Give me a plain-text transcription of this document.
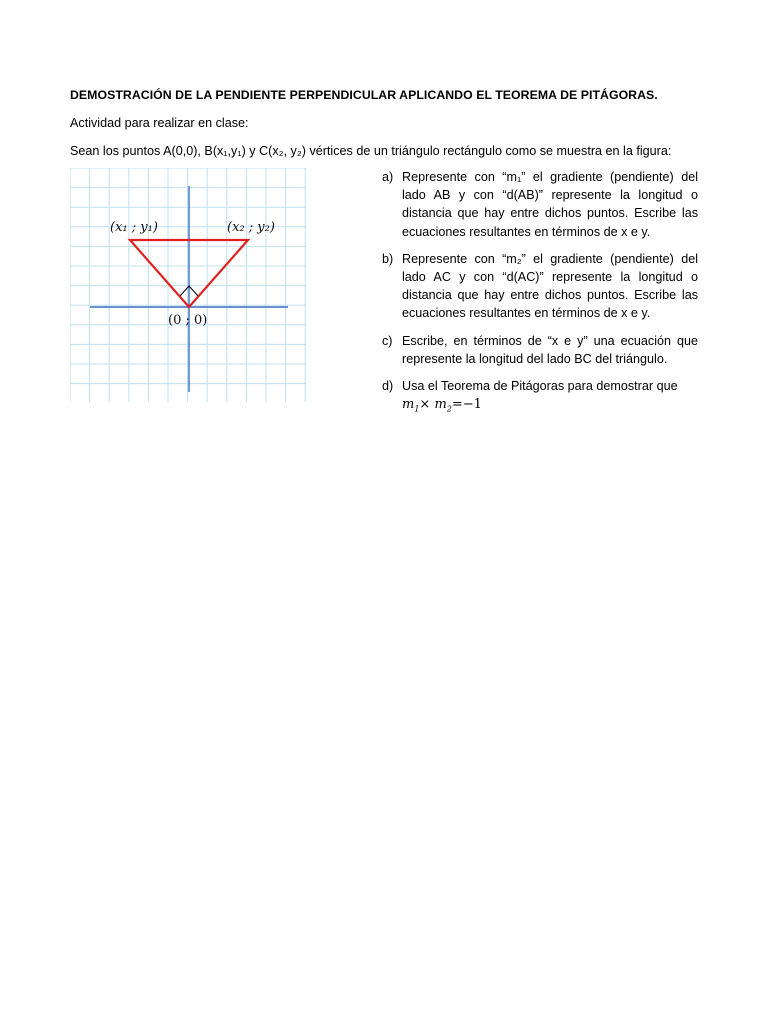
DEMOSTRACIÓN DE LA PENDIENTE PERPENDICULAR APLICANDO EL TEOREMA DE PITÁGORAS.
Actividad para realizar en clase:
Sean los puntos A(0,0), B(x₁,y₁) y C(x₂, y₂) vértices de un triángulo rectángulo como se muestra en la figura:
(x₁ ; y₁)	(x₂ ; y₂)
(0 ; 0)
a) Represente con “m₁” el gradiente (pendiente) del lado AB y con “d(AB)” represente la longitud o distancia que hay entre dichos puntos. Escribe las ecuaciones resultantes en términos de x e y.
b) Represente con “m₂” el gradiente (pendiente) del lado AC y con “d(AC)” represente la longitud o distancia que hay entre dichos puntos. Escribe las ecuaciones resultantes en términos de x e y.
c) Escribe, en términos de “x e y” una ecuación que represente la longitud del lado BC del triángulo.
d) Usa el Teorema de Pitágoras para demostrar que
$m_1\times m_2=-1$
